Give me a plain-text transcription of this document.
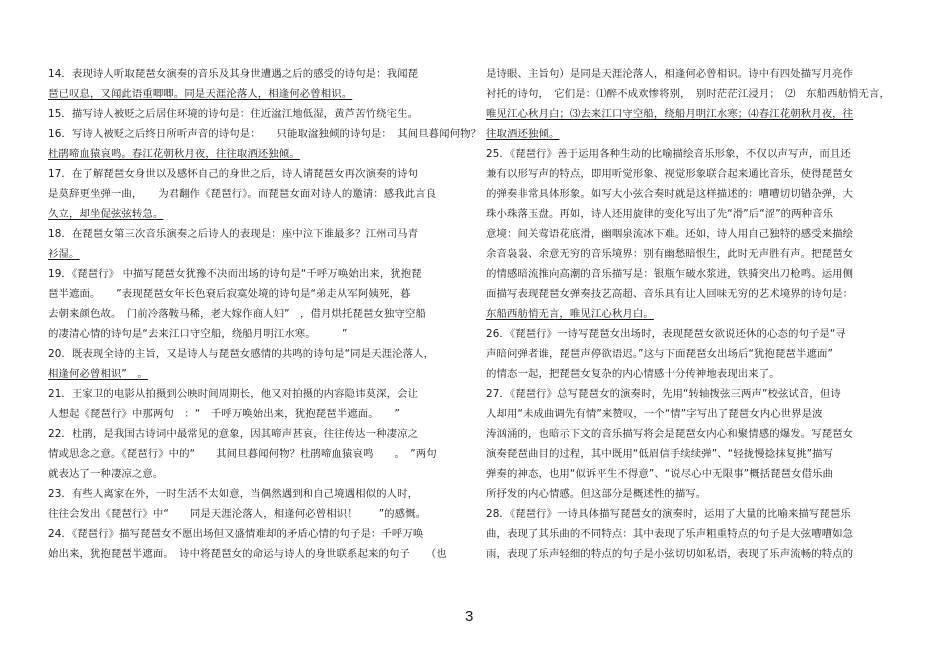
14．表现诗人听取琵琶女演奏的音乐及其身世遭遇之后的感受的诗句是：我闻琵　　　　
琶已叹息，又闻此语重唧唧。同是天涯沦落人，相逢何必曾相识。
15．描写诗人被贬之后居住环境的诗句是：住近湓江地低湿，黄芦苦竹绕宅生。
16．写诗人被贬之后终日所听声音的诗句是：　　只能取湓独倾的诗句是：　其间旦暮闻何物？
杜鹃啼血猿哀鸣。春江花朝秋月夜，往往取酒还独倾。
17．在了解琵琶女身世以及感怀自己的身世之后，诗人请琵琶女再次演奏的诗句
是莫辞更坐弹一曲，　　为君翻作《琵琶行》。而琵琶女面对诗人的邀请：感我此言良
久立，却坐促弦弦转急。
18．在琵琶女第三次音乐演奏之后诗人的表现是：座中泣下谁最多？江州司马青　　　
衫湿。
19．《琵琶行》 中描写琵琶女犹豫不决而出场的诗句是“千呼万唤始出来，犹抱琵　
琶半遮面。　　”表现琵琶女年长色衰后寂寞处境的诗句是“弟走从军阿姨死，暮　　
去朝来颜色故。　门前冷落鞍马稀，老大嫁作商人妇”　，借月烘托琵琶女独守空船
的凄清心情的诗句是“去来江口守空船，绕船月明江水寒。　　　”
20．既表现全诗的主旨，又是诗人与琵琶女感情的共鸣的诗句是“同是天涯沦落人，
相逢何必曾相识”　。
21．王家卫的电影从拍摄到公映时间周期长，他又对拍摄的内容隐讳莫深，会让
人想起《琵琶行》中那两句　：“　千呼万唤始出来，犹抱琵琶半遮面。　　”
22．杜鹃，是我国古诗词中最常见的意象，因其啼声甚哀，往往传达一种凄凉之
情或思念之意。《琵琶行》中的“　　其间旦暮闻何物？杜鹃啼血猿哀鸣　　。　”两句
就表达了一种凄凉之意。
23．有些人离家在外，一时生活不太如意，当偶然遇到和自己境遇相似的人时，
往往会发出《琵琶行》中“　　同是天涯沦落人，相逢何必曾相识！　　”的感慨。
24．《琵琶行》描写琵琶女不愿出场但又盛情难却的矛盾心情的句子是：千呼万唤　　
始出来，犹抱琵琶半遮面。　诗中将琵琶女的命运与诗人的身世联系起来的句子　　（也
是诗眼、主旨句）是同是天涯沦落人，相逢何必曾相识。诗中有四处描写月亮作
衬托的诗句，　它们是：⑴醉不成欢惨将别，　别时茫茫江浸月；　⑵　东船西舫悄无言，
唯见江心秋月白；⑶去来江口守空船，绕船月明江水寒；⑷春江花朝秋月夜，往
往取酒还独倾。
25．《琵琶行》善于运用各种生动的比喻描绘音乐形象，不仅以声写声，而且还
兼有以形写声的特点，即用听觉形象、视觉形象联合起来通比音乐，使得琵琶女
的弹奏非常具体形象。如写大小弦合奏时就是这样描述的：嘈嘈切切错杂弹，大
珠小珠落玉盘。再如，诗人还用旋律的变化写出了先“滑”后“涩”的两种音乐
意境：间关莺语花底滑，幽咽泉流冰下难。还如，诗人用自己独特的感受来描绘
余音袅袅、余意无穷的音乐境界：别有幽愁暗恨生，此时无声胜有声。把琵琶女
的情感暗流推向高潮的音乐描写是：银瓶乍破水浆迸，铁骑突出刀枪鸣。运用侧
面描写表现琵琶女弹奏技艺高超、音乐具有让人回味无穷的艺术境界的诗句是：
东船西舫悄无言，唯见江心秋月白。
26．《琵琶行》一诗写琵琶女出场时，表现琵琶女欲说还休的心态的句子是“寻　　
声暗问弹者谁，琵琶声停欲语迟。”这与下面琵琶女出场后“犹抱琵琶半遮面”
的情态一起，把琵琶女复杂的内心情感十分传神地表现出来了。
27．《琵琶行》总写琵琶女的演奏时，先用“转轴拨弦三两声”校弦试音，但诗
人却用“未成曲调先有情”来赞叹，一个“情”字写出了琵琶女内心世界是波
涛汹涌的，也暗示下文的音乐描写将会是琵琶女内心和聚情感的爆发。写琵琶女
演奏琵琶曲目的过程，其中既用“低眉信手续续弹”、“轻拢慢捻抹复挑”描写
弹奏的神态，也用“似诉平生不得意”、“说尽心中无限事”概括琵琶女借乐曲
所抒发的内心情感。但这部分是概述性的描写。
28．《琵琶行》一诗具体描写琵琶女的演奏时，运用了大量的比喻来描写琵琶乐
曲，表现了其乐曲的不同特点：其中表现了乐声粗重特点的句子是大弦嘈嘈如急
雨，表现了乐声轻细的特点的句子是小弦切切如私语，表现了乐声流畅的特点的
3
